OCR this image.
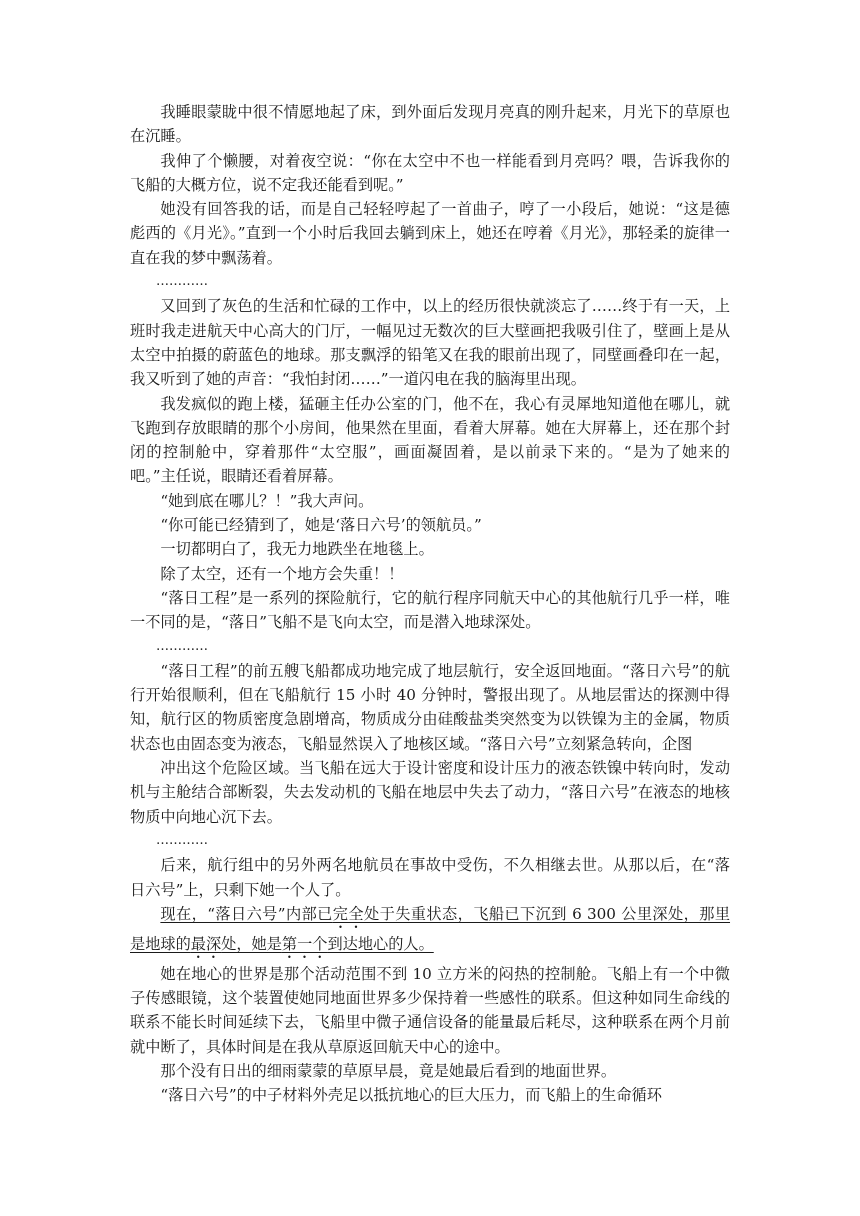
我睡眼蒙眬中很不情愿地起了床，到外面后发现月亮真的刚升起来，月光下的草原也在沉睡。

我伸了个懒腰，对着夜空说：“你在太空中不也一样能看到月亮吗？喂，告诉我你的飞船的大概方位，说不定我还能看到呢。”

她没有回答我的话，而是自己轻轻哼起了一首曲子，哼了一小段后，她说：“这是德彪西的《月光》。”直到一个小时后我回去躺到床上，她还在哼着《月光》，那轻柔的旋律一直在我的梦中飘荡着。

…………

又回到了灰色的生活和忙碌的工作中，以上的经历很快就淡忘了……终于有一天，上班时我走进航天中心高大的门厅，一幅见过无数次的巨大壁画把我吸引住了，壁画上是从太空中拍摄的蔚蓝色的地球。那支飘浮的铅笔又在我的眼前出现了，同壁画叠印在一起，我又听到了她的声音：“我怕封闭……”一道闪电在我的脑海里出现。

我发疯似的跑上楼，猛砸主任办公室的门，他不在，我心有灵犀地知道他在哪儿，就飞跑到存放眼睛的那个小房间，他果然在里面，看着大屏幕。她在大屏幕上，还在那个封闭的控制舱中，穿着那件“太空服”，画面凝固着，是以前录下来的。“是为了她来的吧。”主任说，眼睛还看着屏幕。

“她到底在哪儿？！”我大声问。

“你可能已经猜到了，她是‘落日六号’的领航员。”

一切都明白了，我无力地跌坐在地毯上。

除了太空，还有一个地方会失重！！

“落日工程”是一系列的探险航行，它的航行程序同航天中心的其他航行几乎一样，唯一不同的是，“落日”飞船不是飞向太空，而是潜入地球深处。

…………

“落日工程”的前五艘飞船都成功地完成了地层航行，安全返回地面。“落日六号”的航行开始很顺利，但在飞船航行 15 小时 40 分钟时，警报出现了。从地层雷达的探测中得知，航行区的物质密度急剧增高，物质成分由硅酸盐类突然变为以铁镍为主的金属，物质状态也由固态变为液态，飞船显然误入了地核区域。“落日六号”立刻紧急转向，企图

冲出这个危险区域。当飞船在远大于设计密度和设计压力的液态铁镍中转向时，发动机与主舱结合部断裂，失去发动机的飞船在地层中失去了动力，“落日六号”在液态的地核物质中向地心沉下去。

…………

后来，航行组中的另外两名地航员在事故中受伤，不久相继去世。从那以后，在“落日六号”上，只剩下她一个人了。

现在，“落日六号”内部已完全处于失重状态，飞船已下沉到 6 300 公里深处，那里是地球的最深处，她是第一个到达地心的人。

她在地心的世界是那个活动范围不到 10 立方米的闷热的控制舱。飞船上有一个中微子传感眼镜，这个装置使她同地面世界多少保持着一些感性的联系。但这种如同生命线的联系不能长时间延续下去，飞船里中微子通信设备的能量最后耗尽，这种联系在两个月前就中断了，具体时间是在我从草原返回航天中心的途中。

那个没有日出的细雨蒙蒙的草原早晨，竟是她最后看到的地面世界。

“落日六号”的中子材料外壳足以抵抗地心的巨大压力，而飞船上的生命循环
